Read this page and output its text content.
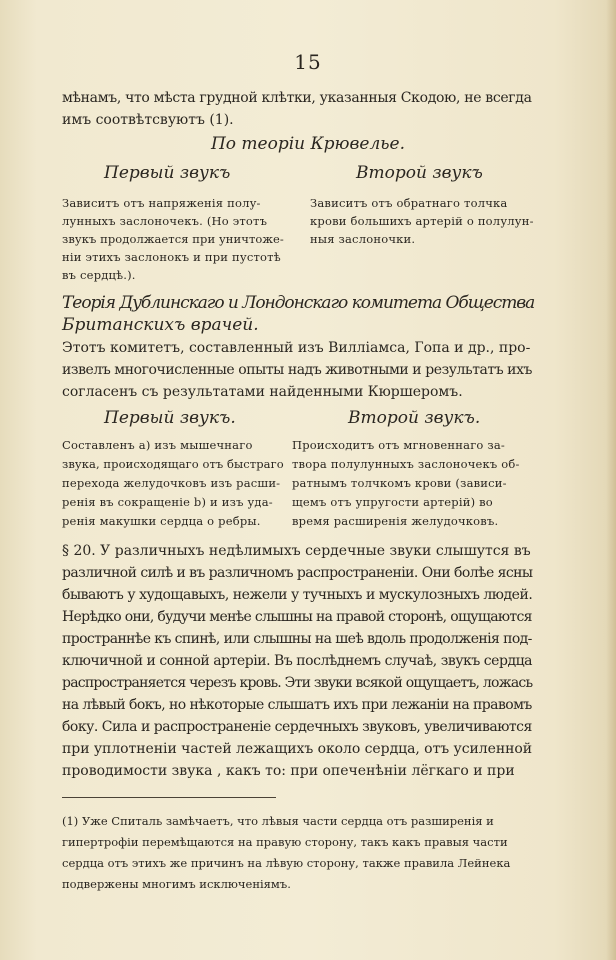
15
мѣнамъ, что мѣста грудной клѣтки, указанныя Скодою, не всегда
имъ соотвѣтсвуютъ (1).
По теоріи Крювелье.
Первый звукъ	Второй звукъ
Зависитъ отъ напряженія полу-
лунныхъ заслоночекъ. (Но этотъ
звукъ продолжается при уничтоже-
ніи этихъ заслонокъ и при пустотѣ
въ сердцѣ.).
Зависитъ отъ обратнаго толчка
крови большихъ артерій о полулун-
ныя заслоночки.
Теорія Дублинскаго и Лондонскаго комитета Общества
Британскихъ врачей.
Этотъ комитетъ, составленный изъ Вилліамса, Гопа и др., про-
извелъ многочисленные опыты надъ животными и результатъ ихъ
согласенъ съ результатами найденными Кюршеромъ.
Первый звукъ.	Второй звукъ.
Составленъ а) изъ мышечнаго
звука, происходящаго отъ быстраго
перехода желудочковъ изъ расши-
ренія въ сокращеніе b) и изъ уда-
ренія макушки сердца о ребры.
Происходитъ отъ мгновеннаго за-
твора полулунныхъ заслоночекъ об-
ратнымъ толчкомъ крови (зависи-
щемъ отъ упругости артерій) во
время расширенія желудочковъ.
§ 20. У различныхъ недѣлимыхъ сердечные звуки слышутся въ
различной силѣ и въ различномъ распространеніи. Они болѣе ясны
бываютъ у худощавыхъ, нежели у тучныхъ и мускулозныхъ людей.
Нерѣдко они, будучи менѣе слышны на правой сторонѣ, ощущаются
пространнѣе къ спинѣ, или слышны на шеѣ вдоль продолженія под-
ключичной и сонной артеріи. Въ послѣднемъ случаѣ, звукъ сердца
распространяется черезъ кровь. Эти звуки всякой ощущаетъ, ложась
на лѣвый бокъ, но нѣкоторые слышатъ ихъ при лежаніи на правомъ
боку. Сила и распространеніе сердечныхъ звуковъ, увеличиваются
при уплотненіи частей лежащихъ около сердца, отъ усиленной
проводимости звука , какъ то: при опеченѣніи лёгкаго и при
(1) Уже Спиталь замѣчаетъ, что лѣвыя части сердца отъ разширенія и
гипертрофіи перемѣщаются на правую сторону, такъ какъ правыя части
сердца отъ этихъ же причинъ на лѣвую сторону, также правила Лейнека
подвержены многимъ исключеніямъ.
